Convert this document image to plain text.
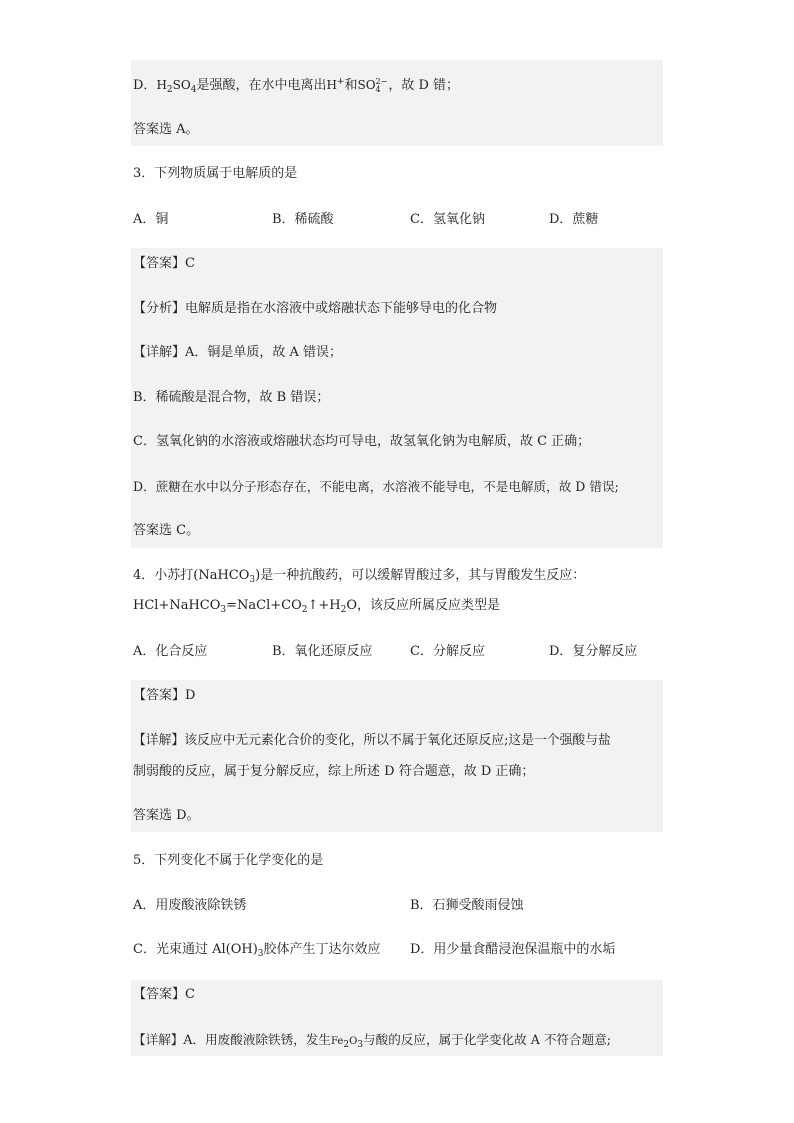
D．$H_2SO_4$是强酸，在水中电离出H+和SO 2−
4 ，故 D 错；
答案选 A。
3．下列物质属于电解质的是
A．铜	B．稀硫酸	C．氢氧化钠	D．蔗糖
【答案】C
【分析】电解质是指在水溶液中或熔融状态下能够导电的化合物
【详解】A．铜是单质，故 A 错误；
B．稀硫酸是混合物，故 B 错误；
C．氢氧化钠的水溶液或熔融状态均可导电，故氢氧化钠为电解质，故 C 正确；
D．蔗糖在水中以分子形态存在，不能电离，水溶液不能导电，不是电解质，故 D 错误;
答案选 C。
4．小苏打(NaHCO$_3$)是一种抗酸药，可以缓解胃酸过多，其与胃酸发生反应：
$HCl+NaHCO_3=NaCl+CO_2↑+H_2O$，该反应所属反应类型是
A．化合反应	B．氧化还原反应	C．分解反应	D．复分解反应
【答案】D
【详解】该反应中无元素化合价的变化，所以不属于氧化还原反应;这是一个强酸与盐
制弱酸的反应，属于复分解反应，综上所述 D 符合题意，故 D 正确；
答案选 D。
5．下列变化不属于化学变化的是
A．用废酸液除铁锈	B．石狮受酸雨侵蚀
C．光束通过 $Al(OH)_3$胶体产生丁达尔效应 D．用少量食醋浸泡保温瓶中的水垢
【答案】C
【详解】A．用废酸液除铁锈，发生$Fe_2O_3$与酸的反应，属于化学变化故 A 不符合题意;
